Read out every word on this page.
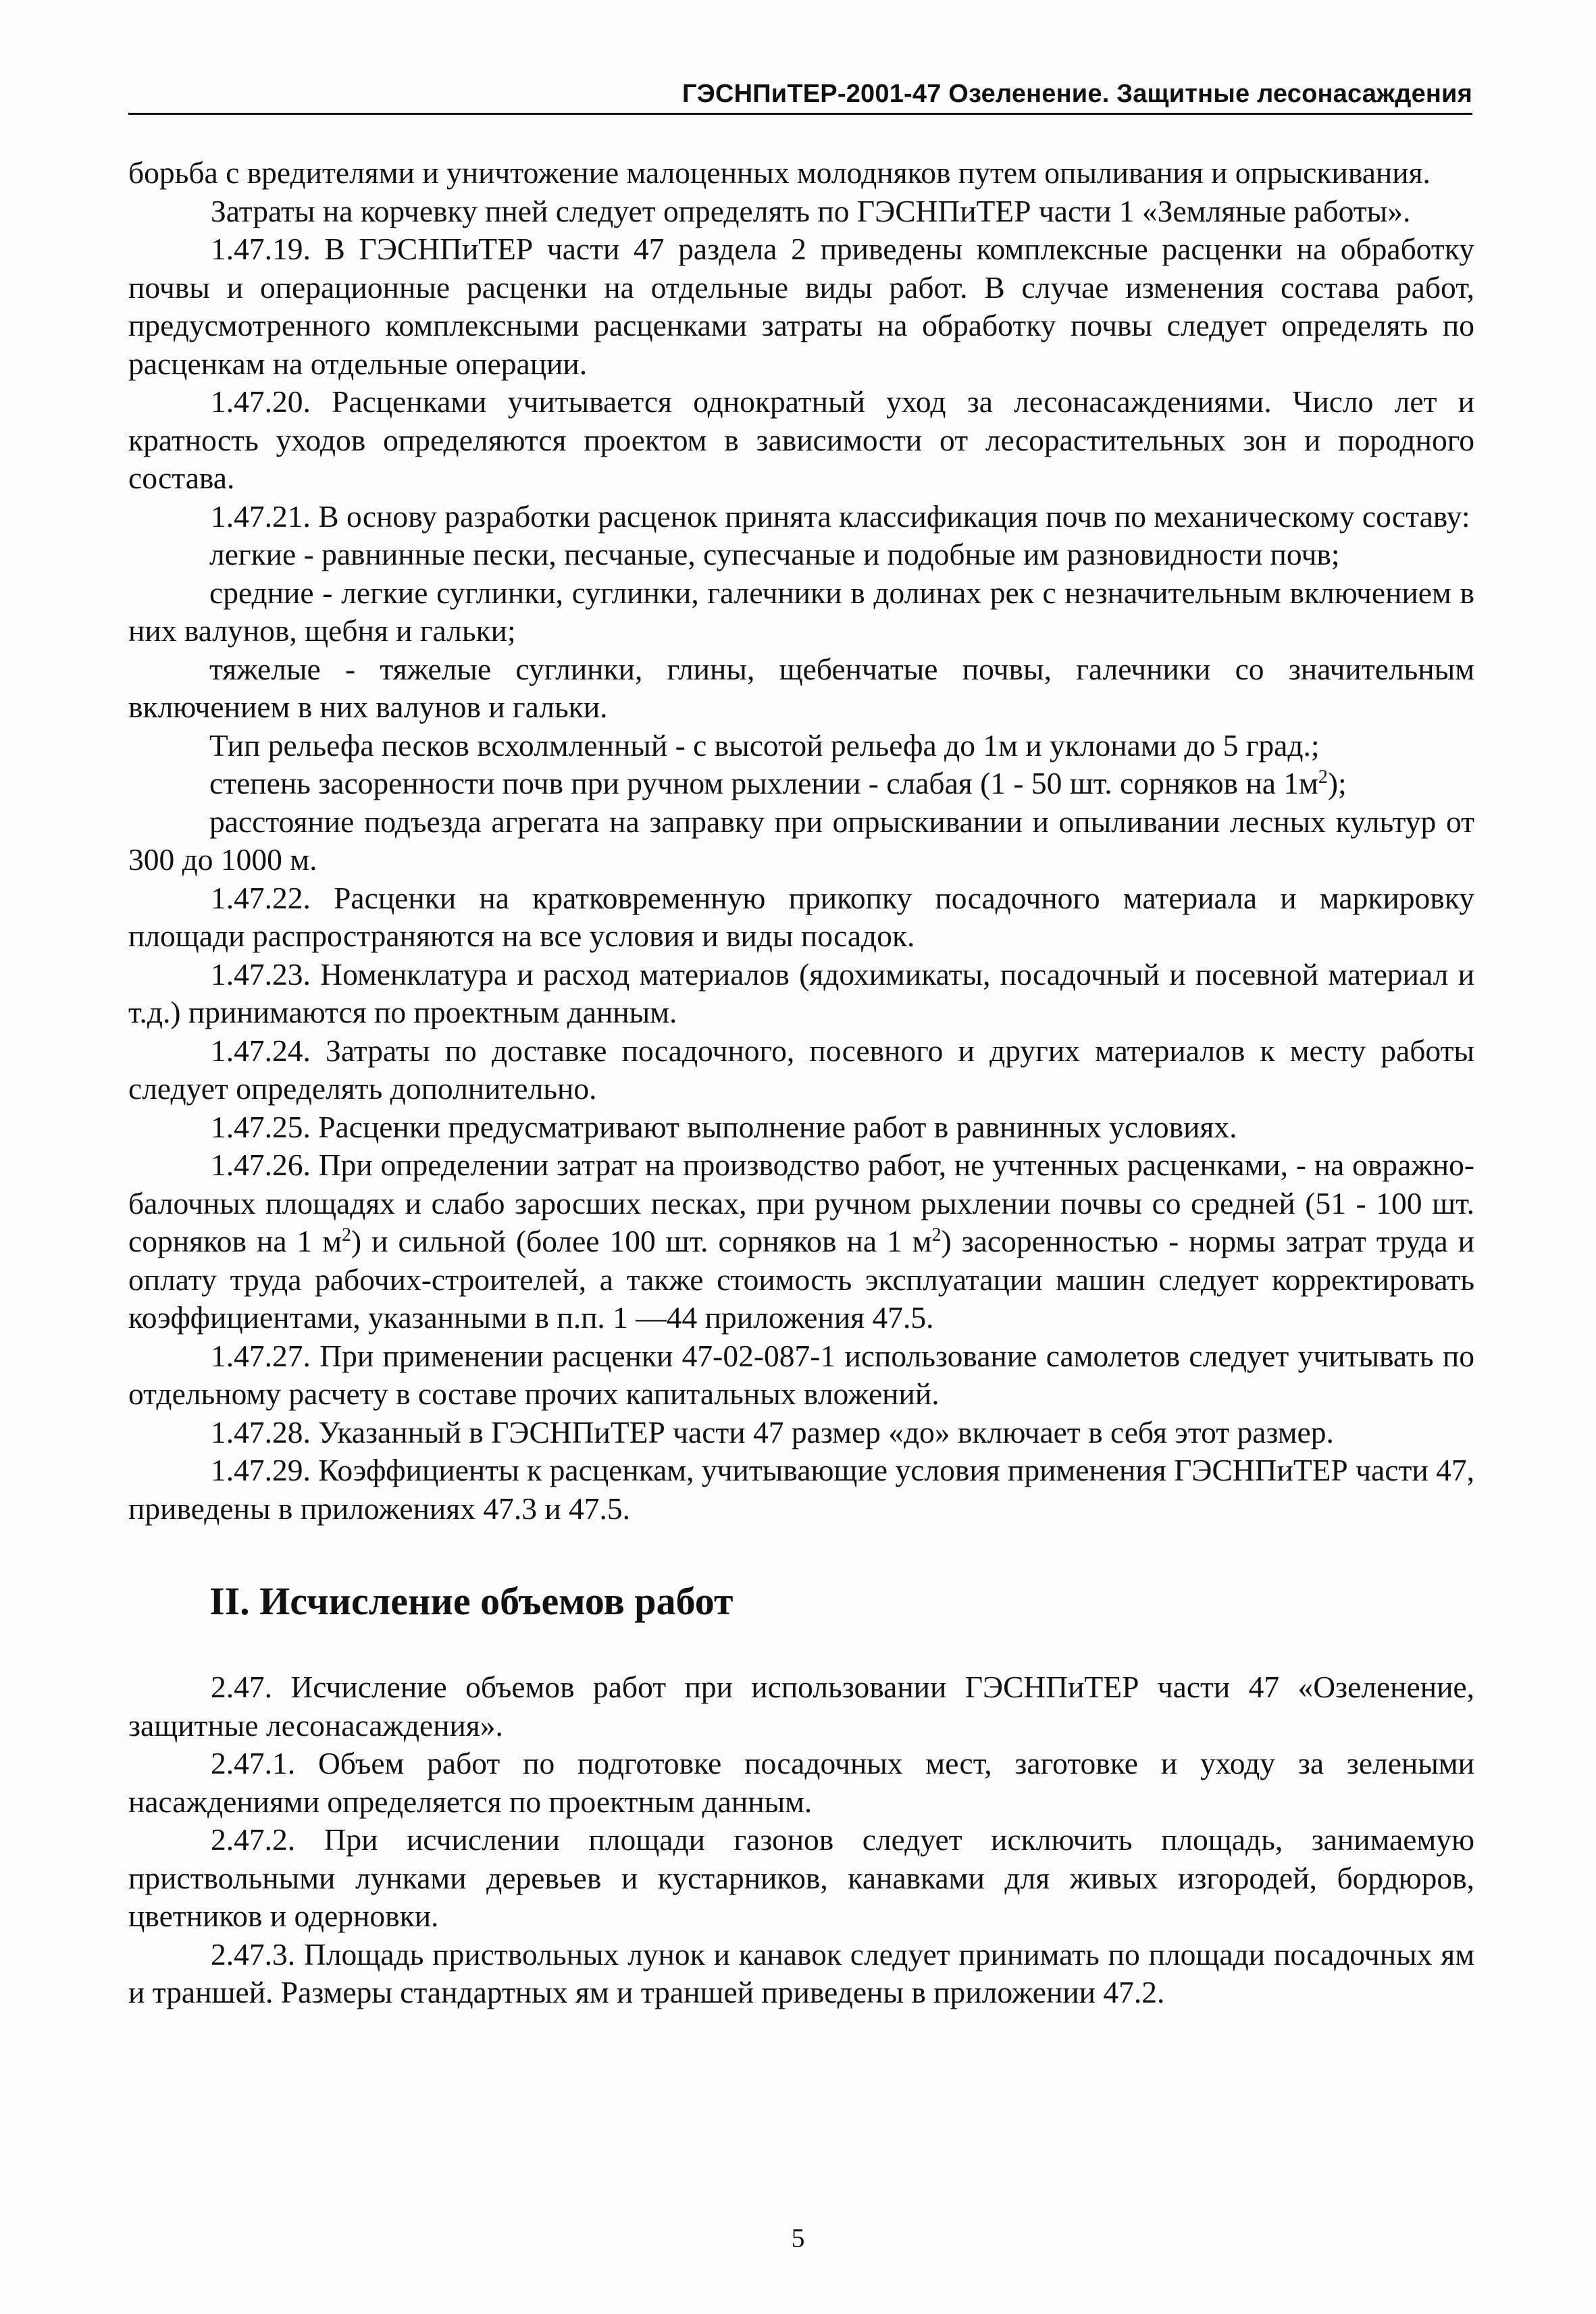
ГЭСНПиТЕР-2001-47 Озеленение. Защитные лесонасаждения

борьба с вредителями и уничтожение малоценных молодняков путем опыливания и опрыскивания.

Затраты на корчевку пней следует определять по ГЭСНПиТЕР части 1 «Земляные работы».

1.47.19. В ГЭСНПиТЕР части 47 раздела 2 приведены комплексные расценки на обработку почвы и операционные расценки на отдельные виды работ. В случае изменения состава работ, предусмотренного комплексными расценками затраты на обработку почвы следует определять по расценкам на отдельные операции.

1.47.20. Расценками учитывается однократный уход за лесонасаждениями. Число лет и кратность уходов определяются проектом в зависимости от лесорастительных зон и породного состава.

1.47.21. В основу разработки расценок принята классификация почв по механическому составу:

легкие - равнинные пески, песчаные, супесчаные и подобные им разновидности почв;

средние - легкие суглинки, суглинки, галечники в долинах рек с незначительным включением в них валунов, щебня и гальки;

тяжелые - тяжелые суглинки, глины, щебенчатые почвы, галечники со значительным включением в них валунов и гальки.

Тип рельефа песков всхолмленный - с высотой рельефа до 1м и уклонами до 5 град.;

степень засоренности почв при ручном рыхлении - слабая (1 - 50 шт. сорняков на $1м^2$);

расстояние подъезда агрегата на заправку при опрыскивании и опыливании лесных культур от 300 до 1000 м.

1.47.22. Расценки на кратковременную прикопку посадочного материала и маркировку площади распространяются на все условия и виды посадок.

1.47.23. Номенклатура и расход материалов (ядохимикаты, посадочный и посевной материал и т.д.) принимаются по проектным данным.

1.47.24. Затраты по доставке посадочного, посевного и других материалов к месту работы следует определять дополнительно.

1.47.25. Расценки предусматривают выполнение работ в равнинных условиях.

1.47.26. При определении затрат на производство работ, не учтенных расценками, - на овражно-балочных площадях и слабо заросших песках, при ручном рыхлении почвы со средней (51 - 100 шт. сорняков на 1 $м^2$) и сильной (более 100 шт. сорняков на 1 $м^2$) засоренностью - нормы затрат труда и оплату труда рабочих-строителей, а также стоимость эксплуатации машин следует корректировать коэффициентами, указанными в п.п. 1 —44 приложения 47.5.

1.47.27. При применении расценки 47-02-087-1 использование самолетов следует учитывать по отдельному расчету в составе прочих капитальных вложений.

1.47.28. Указанный в ГЭСНПиТЕР части 47 размер «до» включает в себя этот размер.

1.47.29. Коэффициенты к расценкам, учитывающие условия применения ГЭСНПиТЕР части 47, приведены в приложениях 47.3 и 47.5.

II. Исчисление объемов работ

2.47. Исчисление объемов работ при использовании ГЭСНПиТЕР части 47 «Озеленение, защитные лесонасаждения».

2.47.1. Объем работ по подготовке посадочных мест, заготовке и уходу за зелеными насаждениями определяется по проектным данным.

2.47.2. При исчислении площади газонов следует исключить площадь, занимаемую приствольными лунками деревьев и кустарников, канавками для живых изгородей, бордюров, цветников и одерновки.

2.47.3. Площадь приствольных лунок и канавок следует принимать по площади посадочных ям и траншей. Размеры стандартных ям и траншей приведены в приложении 47.2.

5
